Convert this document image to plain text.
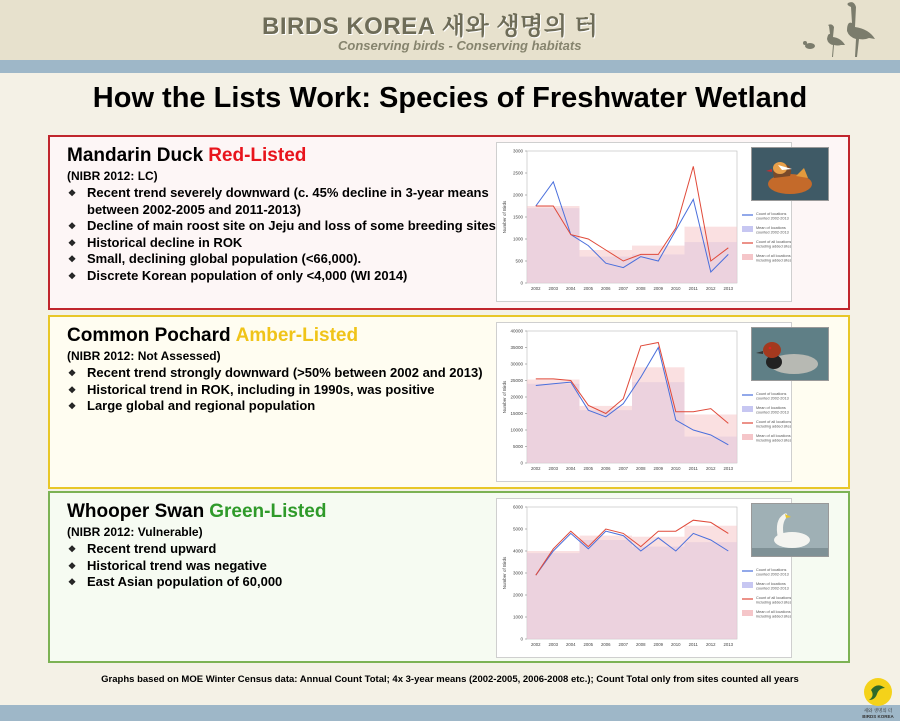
BIRDS KOREA 새와 생명의 터
Conserving birds - Conserving habitats
How the Lists Work: Species of Freshwater Wetland
Mandarin Duck Red-Listed
(NIBR 2012: LC)
❖ Recent trend severely downward (c. 45% decline in 3-year means between 2002-2005 and 2011-2013)
❖ Decline of main roost site on Jeju and loss of some breeding sites
❖ Historical decline in ROK
❖ Small, declining global population (<66,000).
❖ Discrete Korean population of only <4,000 (WI 2014)
0
500
1000
1500
2000
2500
3000
Number of Birds
2002 2003 2004 2005 2006 2007 2008 2009 2010 2011 2012 2013
Count of locations
counted 2002-2013
Mean of locations
counted 2002-2013
Count of all locations
including added sites
Mean of all locations
including added sites
Common Pochard Amber-Listed
(NIBR 2012: Not Assessed)
❖ Recent trend strongly downward (>50% between 2002 and 2013)
❖ Historical trend in ROK, including in 1990s, was positive
❖ Large global and regional population
0
5000
10000
15000
20000
25000
30000
35000
40000
Number of Birds
2002 2003 2004 2005 2006 2007 2008 2009 2010 2011 2012 2013
Count of locations
counted 2002-2013
Mean of locations
counted 2002-2013
Count of all locations
including added sites
Mean of all locations
including added sites
Whooper Swan Green-Listed
(NIBR 2012: Vulnerable)
❖ Recent trend upward
❖ Historical trend was negative
❖ East Asian population of 60,000
0
1000
2000
3000
4000
5000
6000
Number of Birds
2002 2003 2004 2005 2006 2007 2008 2009 2010 2011 2012 2013
Count of locations
counted 2002-2013
Mean of locations
counted 2002-2013
Count of all locations
including added sites
Mean of all locations
including added sites
Graphs based on MOE Winter Census data: Annual Count Total; 4x 3-year means (2002-2005, 2006-2008 etc.); Count Total only from sites counted all years
새와 생명의 터
BIRDS KOREA
